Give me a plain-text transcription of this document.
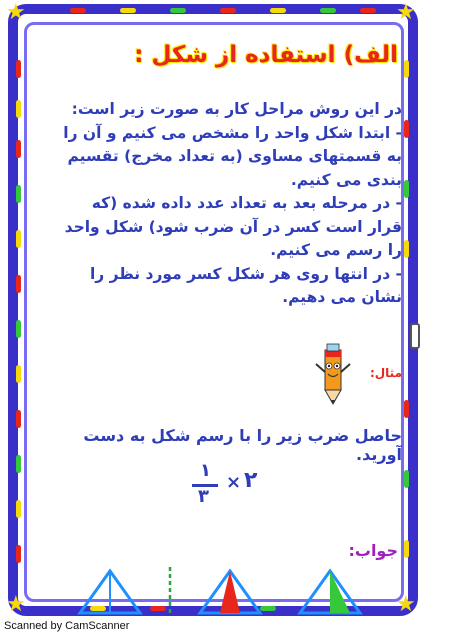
★	★
★	★
الف) استفاده از شکل :

در این روش مراحل کار به صورت زیر است:

- ابتدا شکل واحد را مشخص می کنیم و آن را به قسمتهای مساوی (به تعداد مخرج) تقسیم بندی می کنیم.

- در مرحله بعد به تعداد عدد داده شده (که قرار است کسر در آن ضرب شود) شکل واحد را رسم می کنیم.

- در انتها روی هر شکل کسر مورد نظر را نشان می دهیم.

مثال:
حاصل ضرب زیر را با رسم شکل به دست آورید.
۱
۳
× ۲
جواب:
Scanned by CamScanner
